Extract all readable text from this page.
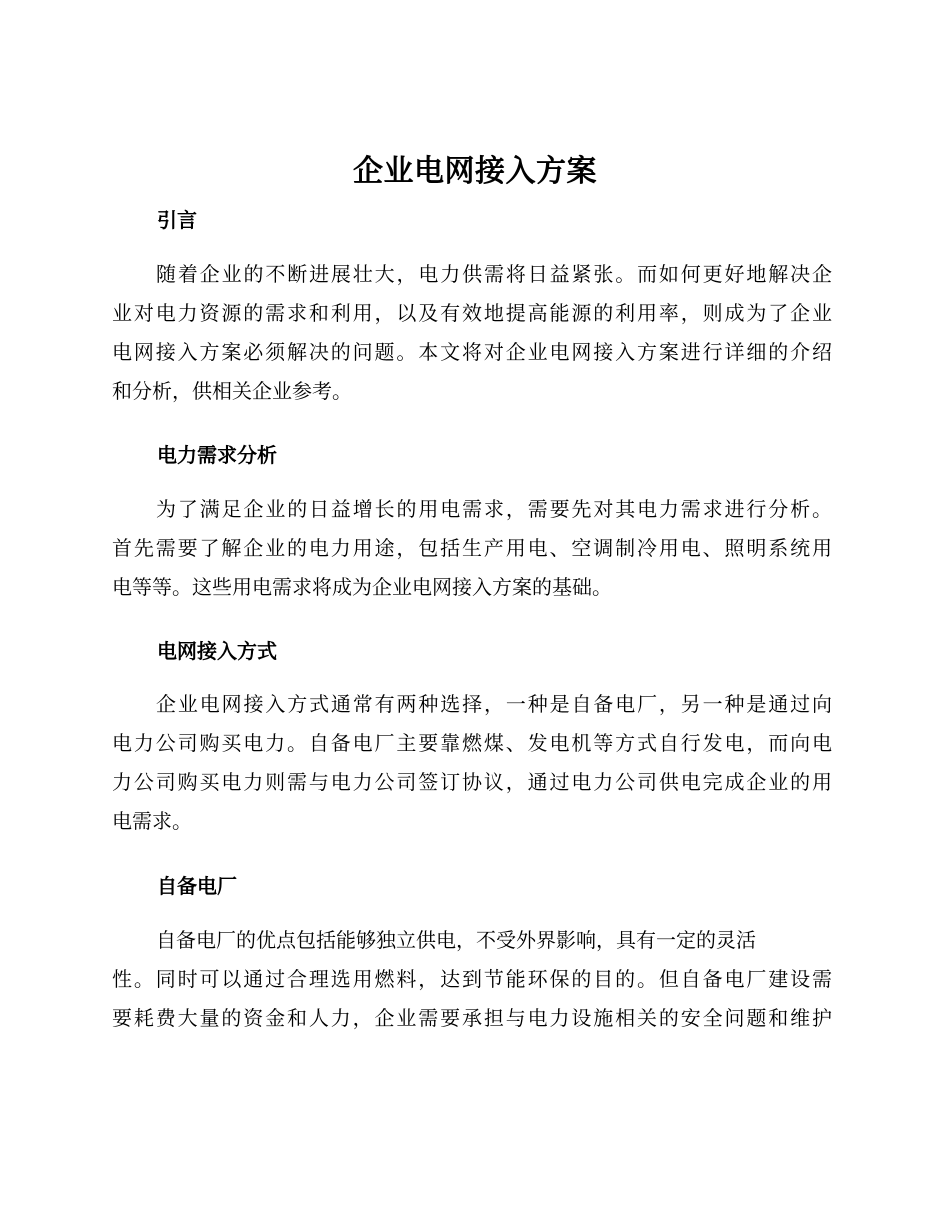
企业电网接入方案
引言
随着企业的不断进展壮大，电力供需将日益紧张。而如何更好地解决企
业对电力资源的需求和利用，以及有效地提高能源的利用率，则成为了企业
电网接入方案必须解决的问题。本文将对企业电网接入方案进行详细的介绍
和分析，供相关企业参考。
电力需求分析
为了满足企业的日益增长的用电需求，需要先对其电力需求进行分析。
首先需要了解企业的电力用途，包括生产用电、空调制冷用电、照明系统用
电等等。这些用电需求将成为企业电网接入方案的基础。
电网接入方式
企业电网接入方式通常有两种选择，一种是自备电厂，另一种是通过向
电力公司购买电力。自备电厂主要靠燃煤、发电机等方式自行发电，而向电
力公司购买电力则需与电力公司签订协议，通过电力公司供电完成企业的用
电需求。
自备电厂
自备电厂的优点包括能够独立供电，不受外界影响，具有一定的灵活
性。同时可以通过合理选用燃料，达到节能环保的目的。但自备电厂建设需
要耗费大量的资金和人力，企业需要承担与电力设施相关的安全问题和维护
